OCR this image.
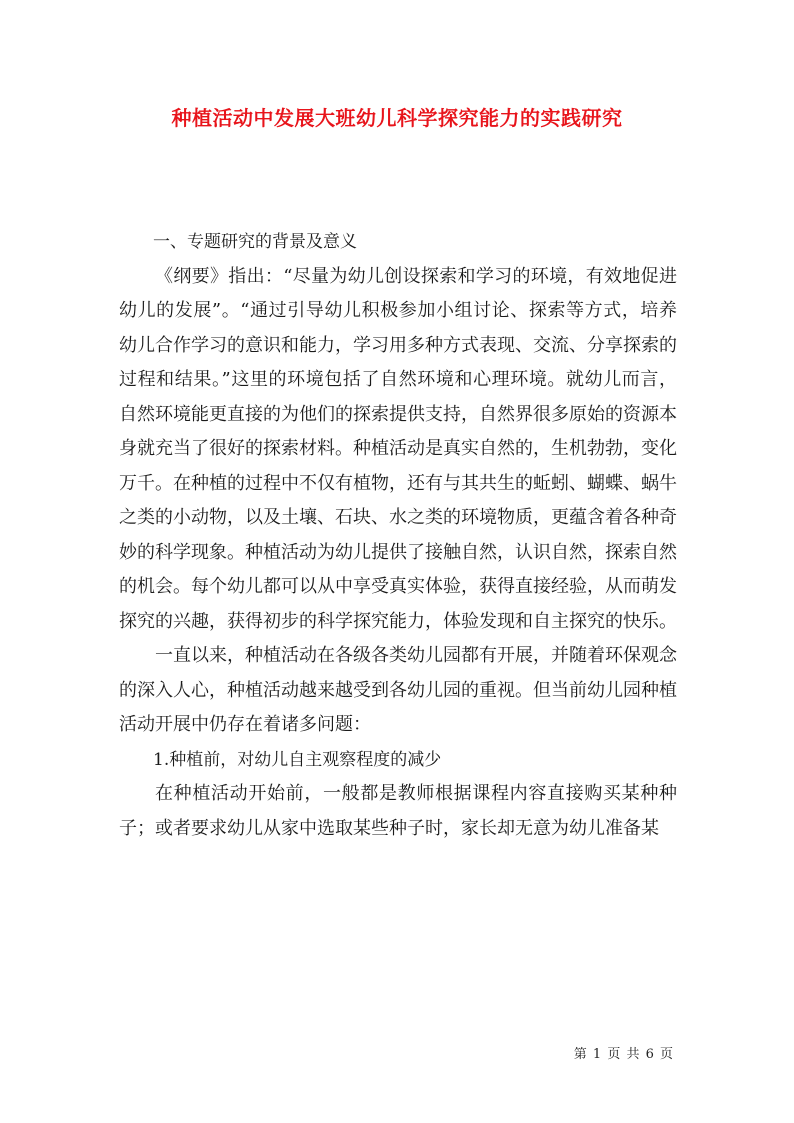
种植活动中发展大班幼儿科学探究能力的实践研究

一、专题研究的背景及意义

《纲要》指出：“尽量为幼儿创设探索和学习的环境，有效地促进幼儿的发展”。“通过引导幼儿积极参加小组讨论、探索等方式，培养幼儿合作学习的意识和能力，学习用多种方式表现、交流、分享探索的过程和结果。”这里的环境包括了自然环境和心理环境。就幼儿而言，自然环境能更直接的为他们的探索提供支持，自然界很多原始的资源本身就充当了很好的探索材料。种植活动是真实自然的，生机勃勃，变化万千。在种植的过程中不仅有植物，还有与其共生的蚯蚓、蝴蝶、蜗牛之类的小动物，以及土壤、石块、水之类的环境物质，更蕴含着各种奇妙的科学现象。种植活动为幼儿提供了接触自然，认识自然，探索自然的机会。每个幼儿都可以从中享受真实体验，获得直接经验，从而萌发探究的兴趣，获得初步的科学探究能力，体验发现和自主探究的快乐。

一直以来，种植活动在各级各类幼儿园都有开展，并随着环保观念的深入人心，种植活动越来越受到各幼儿园的重视。但当前幼儿园种植活动开展中仍存在着诸多问题：

1.种植前，对幼儿自主观察程度的减少

在种植活动开始前，一般都是教师根据课程内容直接购买某种种子；或者要求幼儿从家中选取某些种子时，家长却无意为幼儿准备某

第 1 页 共 6 页
